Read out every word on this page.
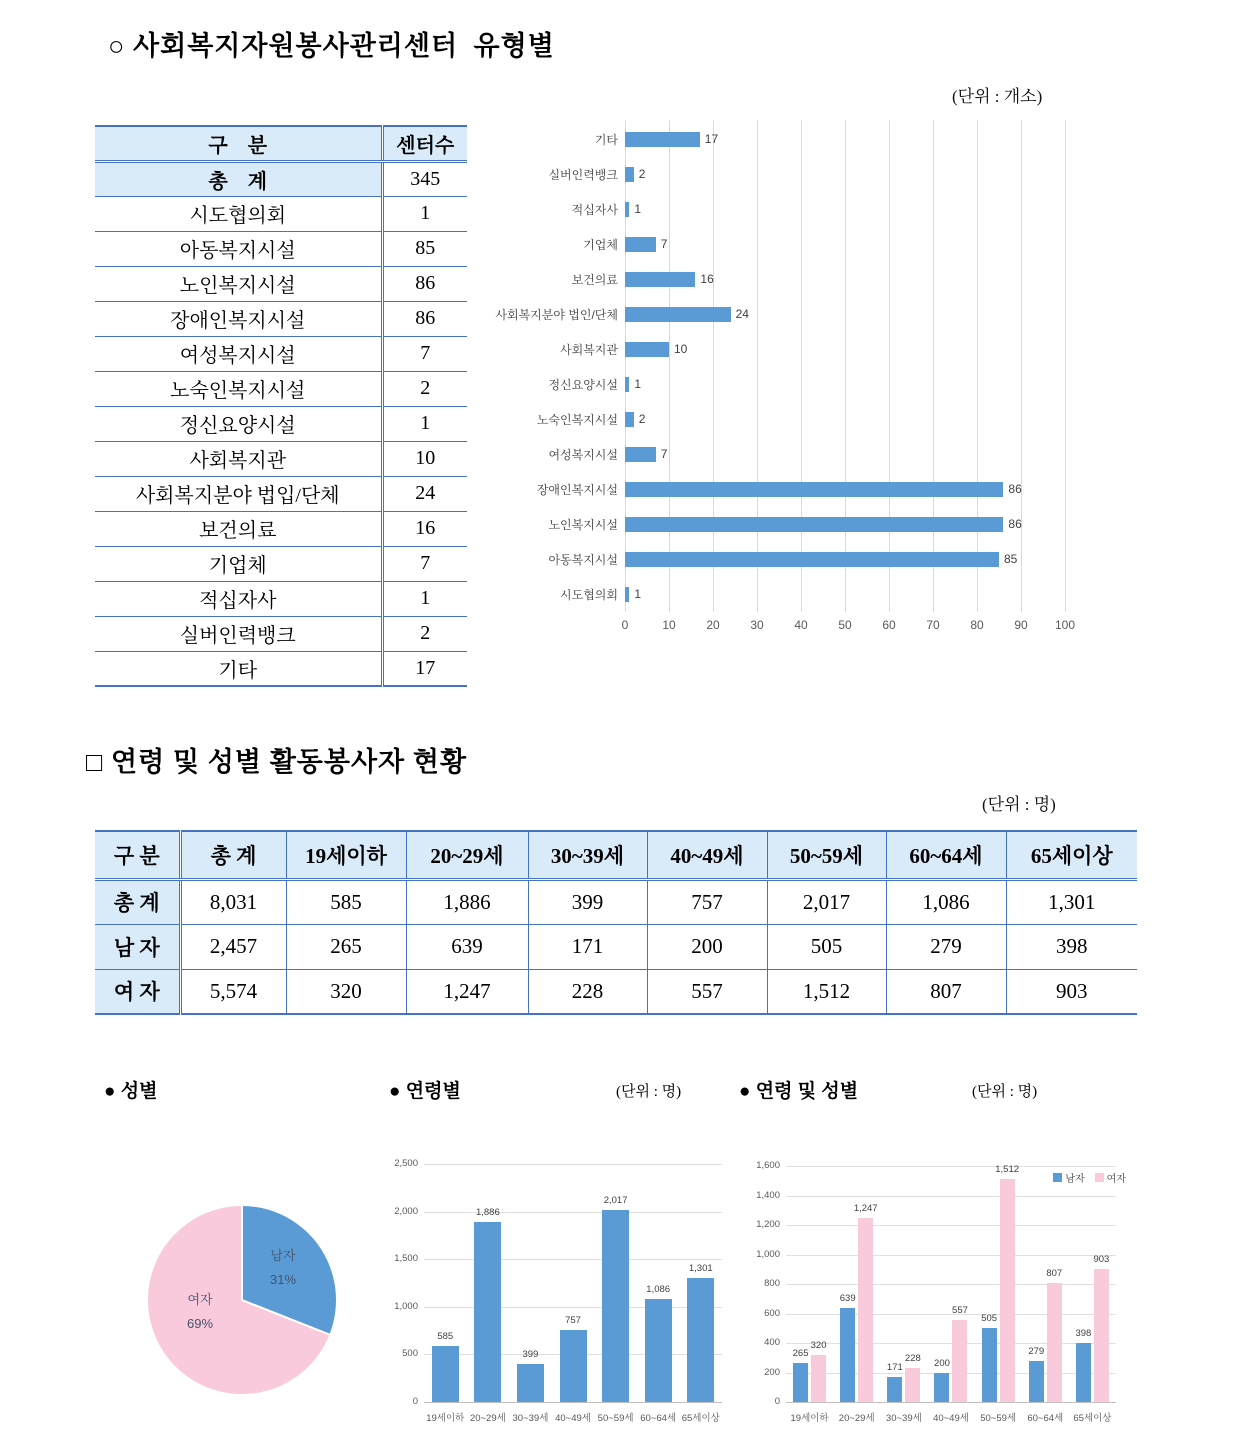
○ 사회복지자원봉사관리센터  유형별
(단위 : 개소)
구    분	센터수
총    계	345
시도협의회	1
아동복지시설	85
노인복지시설	86
장애인복지시설	86
여성복지시설	7
노숙인복지시설	2
정신요양시설	1
사회복지관	10
사회복지분야 법입/단체	24
보건의료	16
기업체	7
적십자사	1
실버인력뱅크	2
기타	17
기타	17
실버인력뱅크	2
적십자사	1
기업체	7
보건의료	16
사회복지분야 법인/단체	24
사회복지관	10
정신요양시설	1
노숙인복지시설	2
여성복지시설	7
장애인복지시설	86
노인복지시설	86
아동복지시설	85
시도협의회	1
0	10	20	30	40	50	60	70	80	90 100
□ 연령 및 성별 활동봉사자 현황
(단위 : 명)
구 분	총 계	19세이하	20~29세	30~39세	40~49세	50~59세	60~64세	65세이상
총 계	8,031	585	1,886	399	757	2,017	1,086	1,301
남 자	2,457	265	639	171	200	505	279	398
여 자	5,574	320	1,247	228	557	1,512	807	903
● 성별	● 연령별	(단위 : 명)	● 연령 및 성별	(단위 : 명)
남자
31%
여자
69%
585
1,886
399
757
2,017
1,086
1,301
0
500
1,000
1,500
2,000
2,500
19세이하 20~29세 30~39세 40~49세 50~59세 60~64세 65세이상
265
320
639
1,247
171
228 200
557
505
1,512
279
807
398
903
0
200
400
600
800
1,000
1,200
1,400
1,600
19세이하	20~29세	30~39세	40~49세	50~59세	60~64세	65세이상
남자 여자
